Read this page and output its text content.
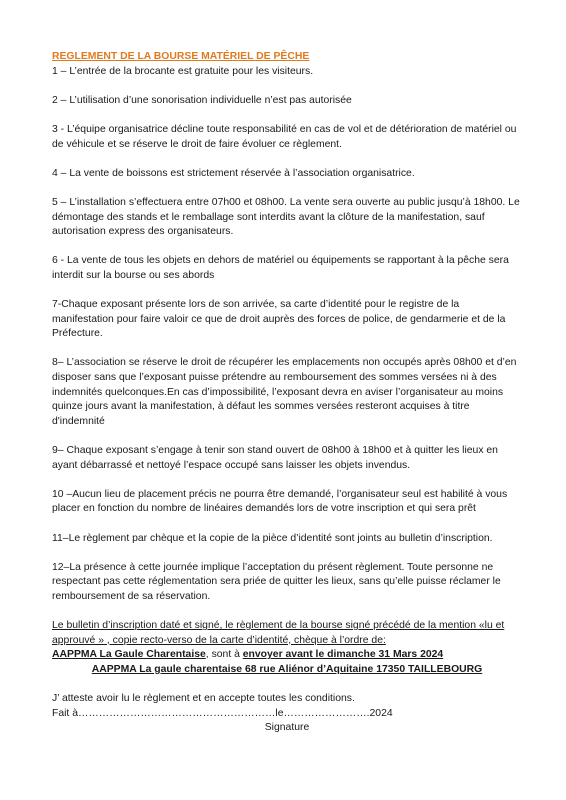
REGLEMENT DE LA BOURSE MATÉRIEL DE PÊCHE

1 – L’entrée de la brocante est gratuite pour les visiteurs.

2 – L’utilisation d’une sonorisation individuelle n’est pas autorisée

3 - L’équipe organisatrice décline toute responsabilité en cas de vol et de détérioration de matériel ou de véhicule et se réserve le droit de faire évoluer ce règlement.

4 – La vente de boissons est strictement réservée à l’association organisatrice.

5 – L’installation s’effectuera entre 07h00 et 08h00. La vente sera ouverte au public jusqu’à 18h00. Le démontage des stands et le remballage sont interdits avant la clôture de la manifestation, sauf autorisation express des organisateurs.

6 - La vente de tous les objets en dehors de matériel ou équipements se rapportant à la pêche sera interdit sur la bourse ou ses abords

7-Chaque exposant présente lors de son arrivée, sa carte d’identité pour le registre de la manifestation pour faire valoir ce que de droit auprès des forces de police, de gendarmerie et de la Préfecture.

8– L’association se réserve le droit de récupérer les emplacements non occupés après 08h00 et d’en disposer sans que l’exposant puisse prétendre au remboursement des sommes versées ni à des indemnités quelconques.En cas d’impossibilité, l’exposant devra en aviser l’organisateur au moins quinze jours avant la manifestation, à défaut les sommes versées resteront acquises à titre d'indemnité

9– Chaque exposant s’engage à tenir son stand ouvert de 08h00 à 18h00 et à quitter les lieux en ayant débarrassé et nettoyé l’espace occupé sans laisser les objets invendus.

10 –Aucun lieu de placement précis ne pourra être demandé, l’organisateur seul est habilité à vous placer en fonction du nombre de linéaires demandés lors de votre inscription et qui sera prêt

11–Le règlement par chèque et la copie de la pièce d’identité sont joints au bulletin d’inscription.

12–La présence à cette journée implique l’acceptation du présent règlement. Toute personne ne respectant pas cette réglementation sera priée de quitter les lieux, sans qu’elle puisse réclamer le remboursement de sa réservation.

Le bulletin d’inscription daté et signé, le règlement de la bourse signé précédé de la mention «lu et approuvé » , copie recto-verso de la carte d’identité, chèque à l’ordre de:

AAPPMA La Gaule Charentaise, sont à envoyer avant le dimanche 31 Mars 2024

AAPPMA La gaule charentaise 68 rue Aliénor d’Aquitaine 17350 TAILLEBOURG

J’ atteste avoir lu le règlement et en accepte toutes les conditions.

Fait à…………………………………………………le…………………….2024

Signature
